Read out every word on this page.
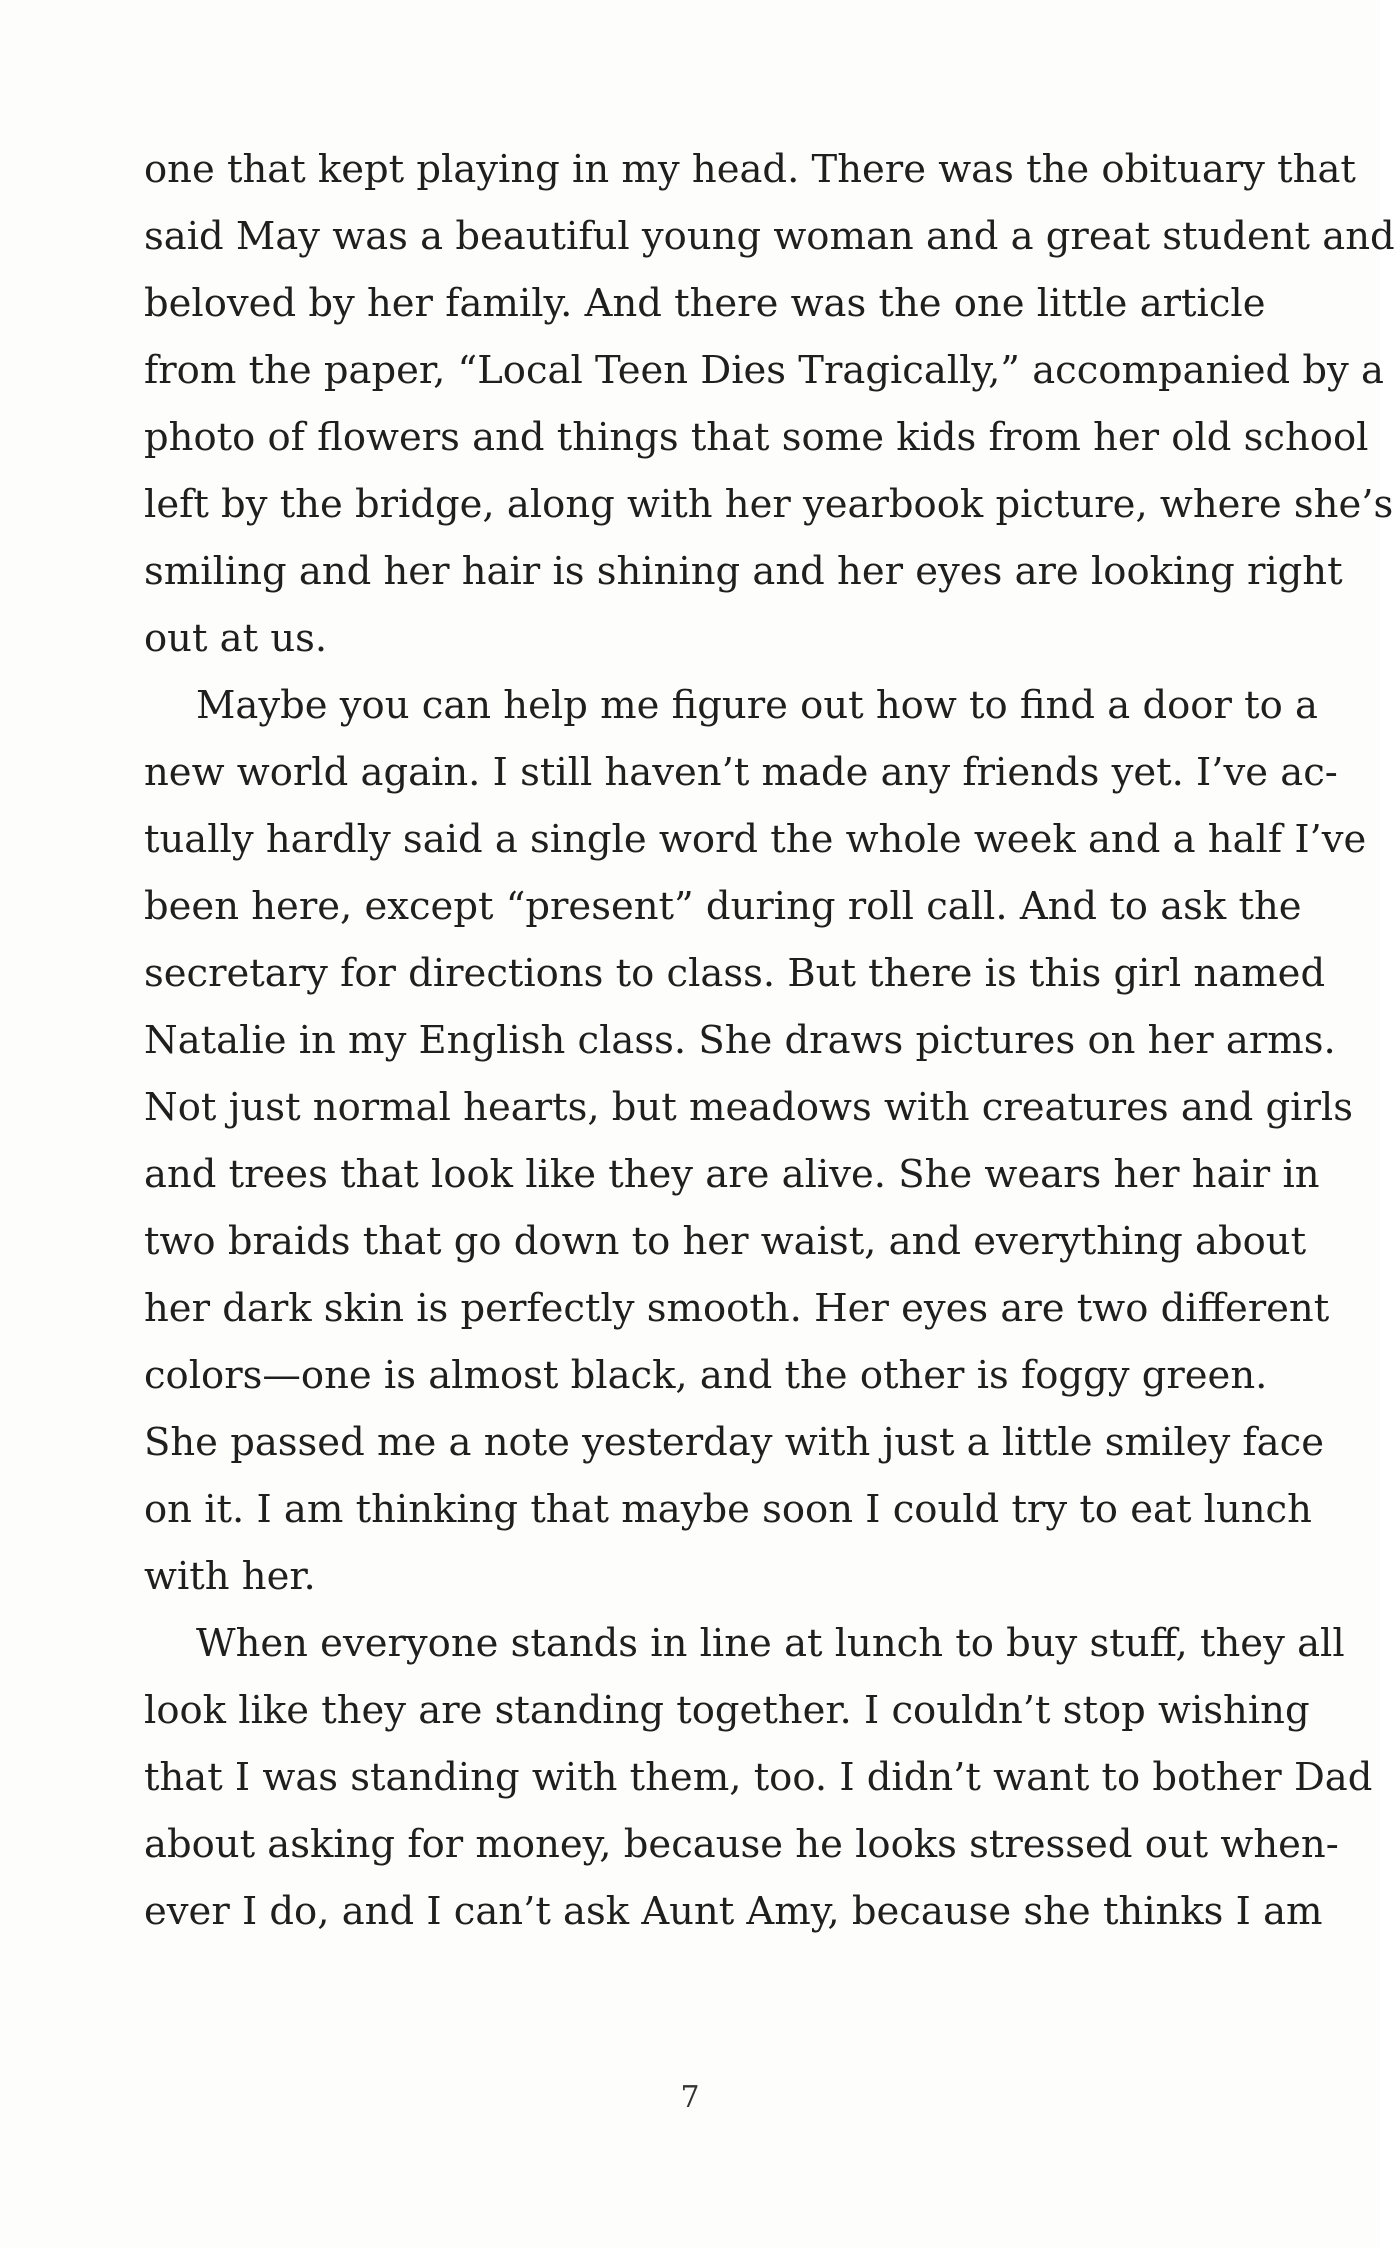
one that kept playing in my head. There was the obituary that
said May was a beautiful young woman and a great student and
beloved by her family. And there was the one little article
from the paper, “Local Teen Dies Tragically,” accompanied by a
photo of flowers and things that some kids from her old school
left by the bridge, along with her yearbook picture, where she’s
smiling and her hair is shining and her eyes are looking right
out at us.
Maybe you can help me figure out how to find a door to a
new world again. I still haven’t made any friends yet. I’ve ac-
tually hardly said a single word the whole week and a half I’ve
been here, except “present” during roll call. And to ask the
secretary for directions to class. But there is this girl named
Natalie in my English class. She draws pictures on her arms.
Not just normal hearts, but meadows with creatures and girls
and trees that look like they are alive. She wears her hair in
two braids that go down to her waist, and everything about
her dark skin is perfectly smooth. Her eyes are two different
colors—one is almost black, and the other is foggy green.
She passed me a note yesterday with just a little smiley face
on it. I am thinking that maybe soon I could try to eat lunch
with her.
When everyone stands in line at lunch to buy stuff, they all
look like they are standing together. I couldn’t stop wishing
that I was standing with them, too. I didn’t want to bother Dad
about asking for money, because he looks stressed out when-
ever I do, and I can’t ask Aunt Amy, because she thinks I am
7
